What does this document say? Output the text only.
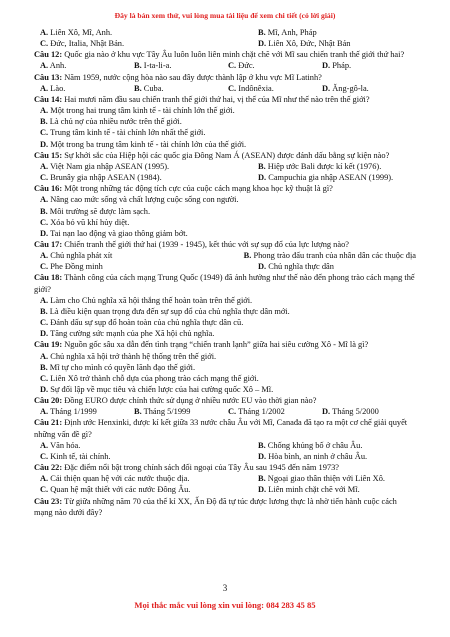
Đây là bản xem thử, vui lòng mua tài liệu để xem chi tiết (có lời giải)
A. Liên Xô, Mĩ, Anh.	B. Mĩ, Anh, Pháp
C. Đức, Italia, Nhật Bản.	D. Liên Xô, Đức, Nhật Bản
Câu 12: Quốc gia nào ở khu vực Tây Âu luôn luôn liên minh chặt chẽ với Mĩ sau chiến tranh thế giới thứ hai?
A. Anh.	B. I-ta-li-a.	C. Đức.	D. Pháp.
Câu 13: Năm 1959, nước cộng hòa nào sau đây được thành lập ở khu vực Mĩ Latinh?
A. Lào.	B. Cuba.	C. Indônêxia.	D. Ăng-gô-la.
Câu 14: Hai mươi năm đầu sau chiến tranh thế giới thứ hai, vị thế của Mĩ như thế nào trên thế giới?
A. Một trong hai trung tâm kinh tế - tài chính lớn thế giới.
B. Là chủ nợ của nhiều nước trên thế giới.
C. Trung tâm kinh tế - tài chính lớn nhất thế giới.
D. Một trong ba trung tâm kinh tế - tài chính lớn của thế giới.
Câu 15: Sự khởi sắc của Hiệp hội các quốc gia Đông Nam Á (ASEAN) được đánh dấu bằng sự kiện nào?
A. Việt Nam gia nhập ASEAN (1995).	B. Hiệp ước Bali được kí kết (1976).
C. Brunây gia nhập ASEAN (1984).	D. Campuchia gia nhập ASEAN (1999).
Câu 16: Một trong những tác động tích cực của cuộc cách mạng khoa học kỹ thuật là gì?
A. Nâng cao mức sống và chất lượng cuộc sống con người.
B. Môi trường sẽ được làm sạch.
C. Xóa bỏ vũ khí hủy diệt.
D. Tai nạn lao động và giao thông giảm bớt.
Câu 17: Chiến tranh thế giới thứ hai (1939 - 1945), kết thúc với sự sụp đổ của lực lượng nào?
A. Chủ nghĩa phát xít	B. Phong trào đấu tranh của nhân dân các thuộc địa
C. Phe Đồng minh	D. Chủ nghĩa thực dân
Câu 18: Thành công của cách mạng Trung Quốc (1949) đã ảnh hưởng như thế nào đến phong trào cách mạng thế giới?
A. Làm cho Chủ nghĩa xã hội thắng thế hoàn toàn trên thế giới.
B. Là điều kiện quan trọng đưa đến sự sụp đổ của chủ nghĩa thực dân mới.
C. Đánh dấu sự sụp đổ hoàn toàn của chủ nghĩa thực dân cũ.
D. Tăng cường sức mạnh của phe Xã hội chủ nghĩa.
Câu 19: Nguồn gốc sâu xa dẫn đến tình trạng “chiến tranh lạnh” giữa hai siêu cường Xô - Mĩ là gì?
A. Chủ nghĩa xã hội trở thành hệ thống trên thế giới.
B. Mĩ tự cho mình có quyền lãnh đạo thế giới.
C. Liên Xô trở thành chỗ dựa của phong trào cách mạng thế giới.
D. Sự đối lập về mục tiêu và chiến lược của hai cường quốc Xô – Mĩ.
Câu 20: Đồng EURO được chính thức sử dụng ở nhiều nước EU vào thời gian nào?
A. Tháng 1/1999	B. Tháng 5/1999	C. Tháng 1/2002	D. Tháng 5/2000
Câu 21: Định ước Henxinki, được kí kết giữa 33 nước châu Âu với Mĩ, Canađa đã tạo ra một cơ chế giải quyết những vấn đề gì?
A. Văn hóa.	B. Chống khủng bố ở châu Âu.
C. Kinh tế, tài chính.	D. Hòa bình, an ninh ở châu Âu.
Câu 22: Đặc điểm nổi bật trong chính sách đối ngoại của Tây Âu sau 1945 đến năm 1973?
A. Cải thiện quan hệ với các nước thuộc địa.	B. Ngoại giao thân thiện với Liên Xô.
C. Quan hệ mật thiết với các nước Đông Âu.	D. Liên minh chặt chẽ với Mĩ.
Câu 23: Từ giữa những năm 70 của thế kỉ XX, Ấn Độ đã tự túc được lương thực là nhờ tiến hành cuộc cách mạng nào dưới đây?
3
Mọi thắc mắc vui lòng xin vui lòng: 084 283 45 85
